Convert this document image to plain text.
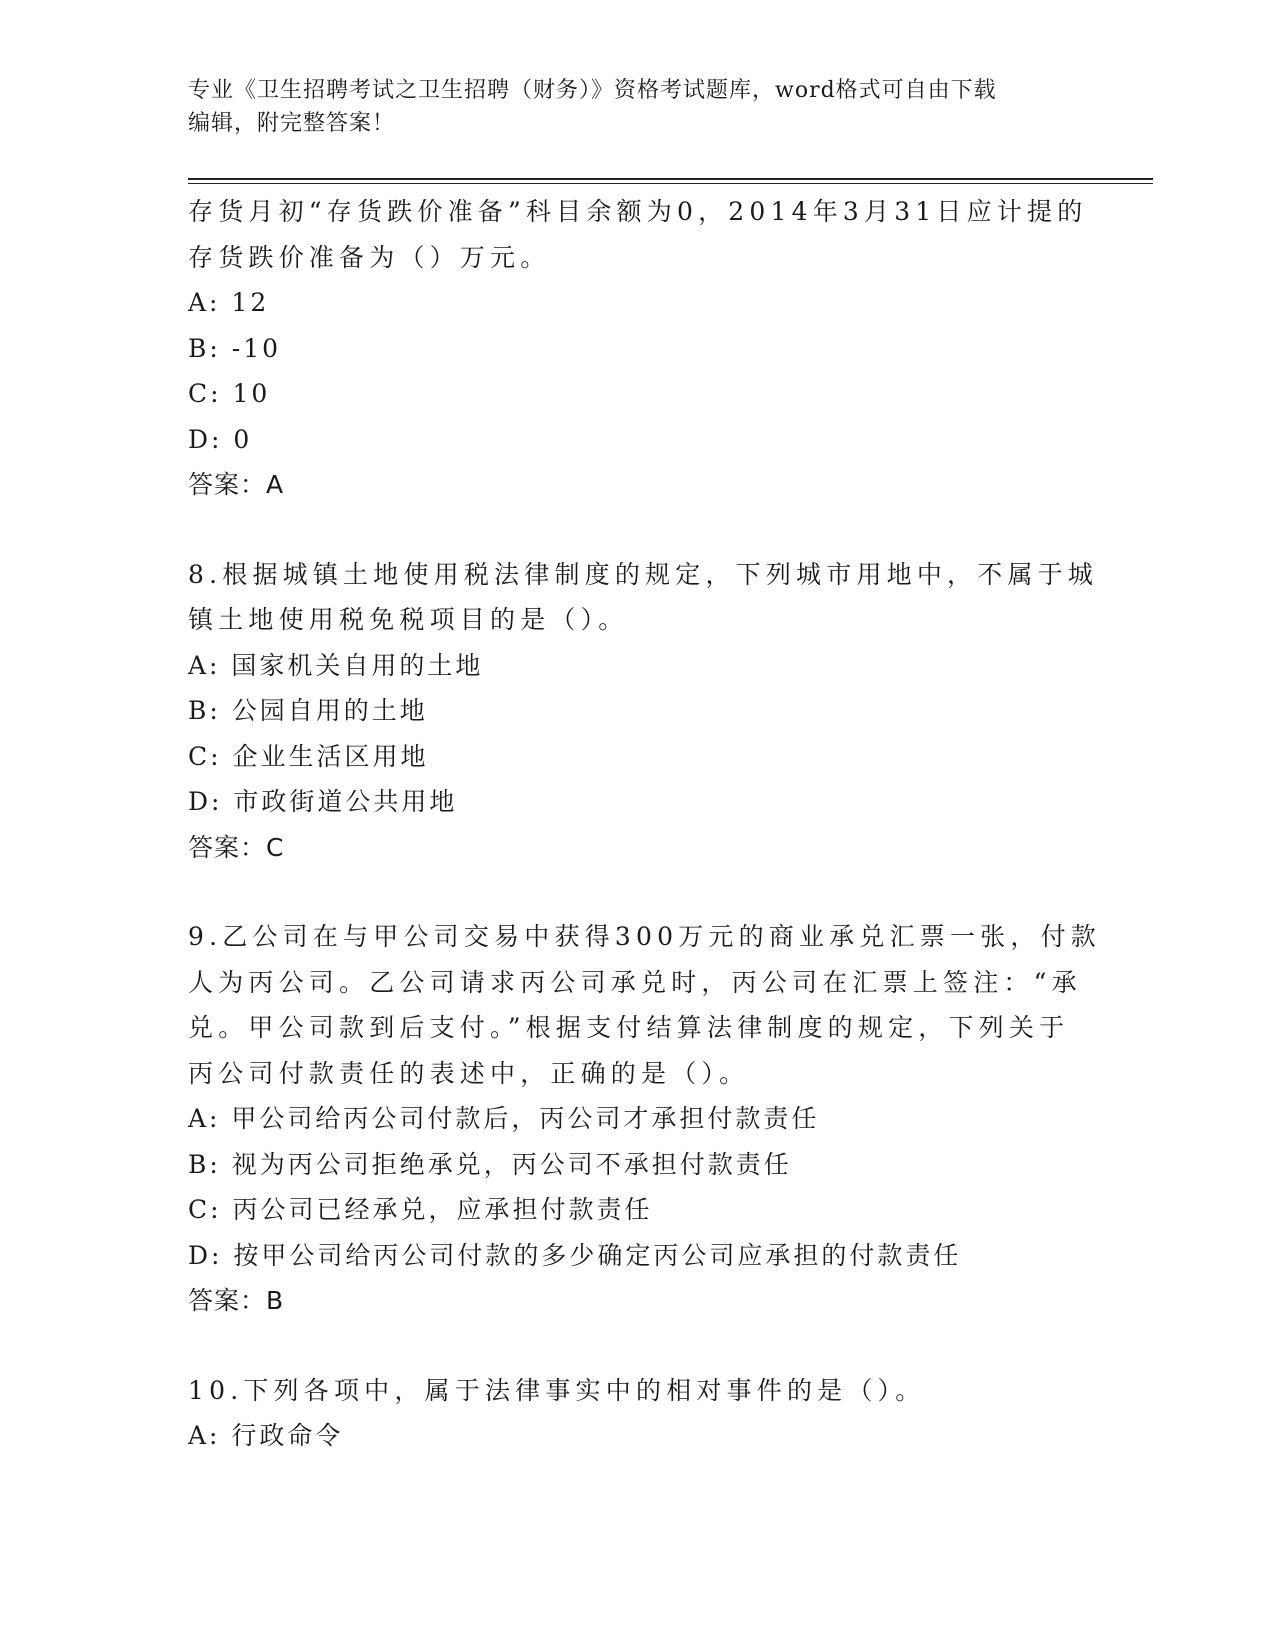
专业《卫生招聘考试之卫生招聘（财务）》资格考试题库，word格式可自由下载
编辑，附完整答案！
存货月初“存货跌价准备”科目余额为0，2014年3月31日应计提的
存货跌价准备为（）万元。
A: 12
B: -10
C: 10
D: 0
答案：A
8.根据城镇土地使用税法律制度的规定，下列城市用地中，不属于城
镇土地使用税免税项目的是（）。
A: 国家机关自用的土地
B: 公园自用的土地
C: 企业生活区用地
D: 市政街道公共用地
答案：C
9.乙公司在与甲公司交易中获得300万元的商业承兑汇票一张，付款
人为丙公司。乙公司请求丙公司承兑时，丙公司在汇票上签注：“承
兑。甲公司款到后支付。”根据支付结算法律制度的规定，下列关于
丙公司付款责任的表述中，正确的是（）。
A: 甲公司给丙公司付款后，丙公司才承担付款责任
B: 视为丙公司拒绝承兑，丙公司不承担付款责任
C: 丙公司已经承兑，应承担付款责任
D: 按甲公司给丙公司付款的多少确定丙公司应承担的付款责任
答案：B
10.下列各项中，属于法律事实中的相对事件的是（）。
A: 行政命令
